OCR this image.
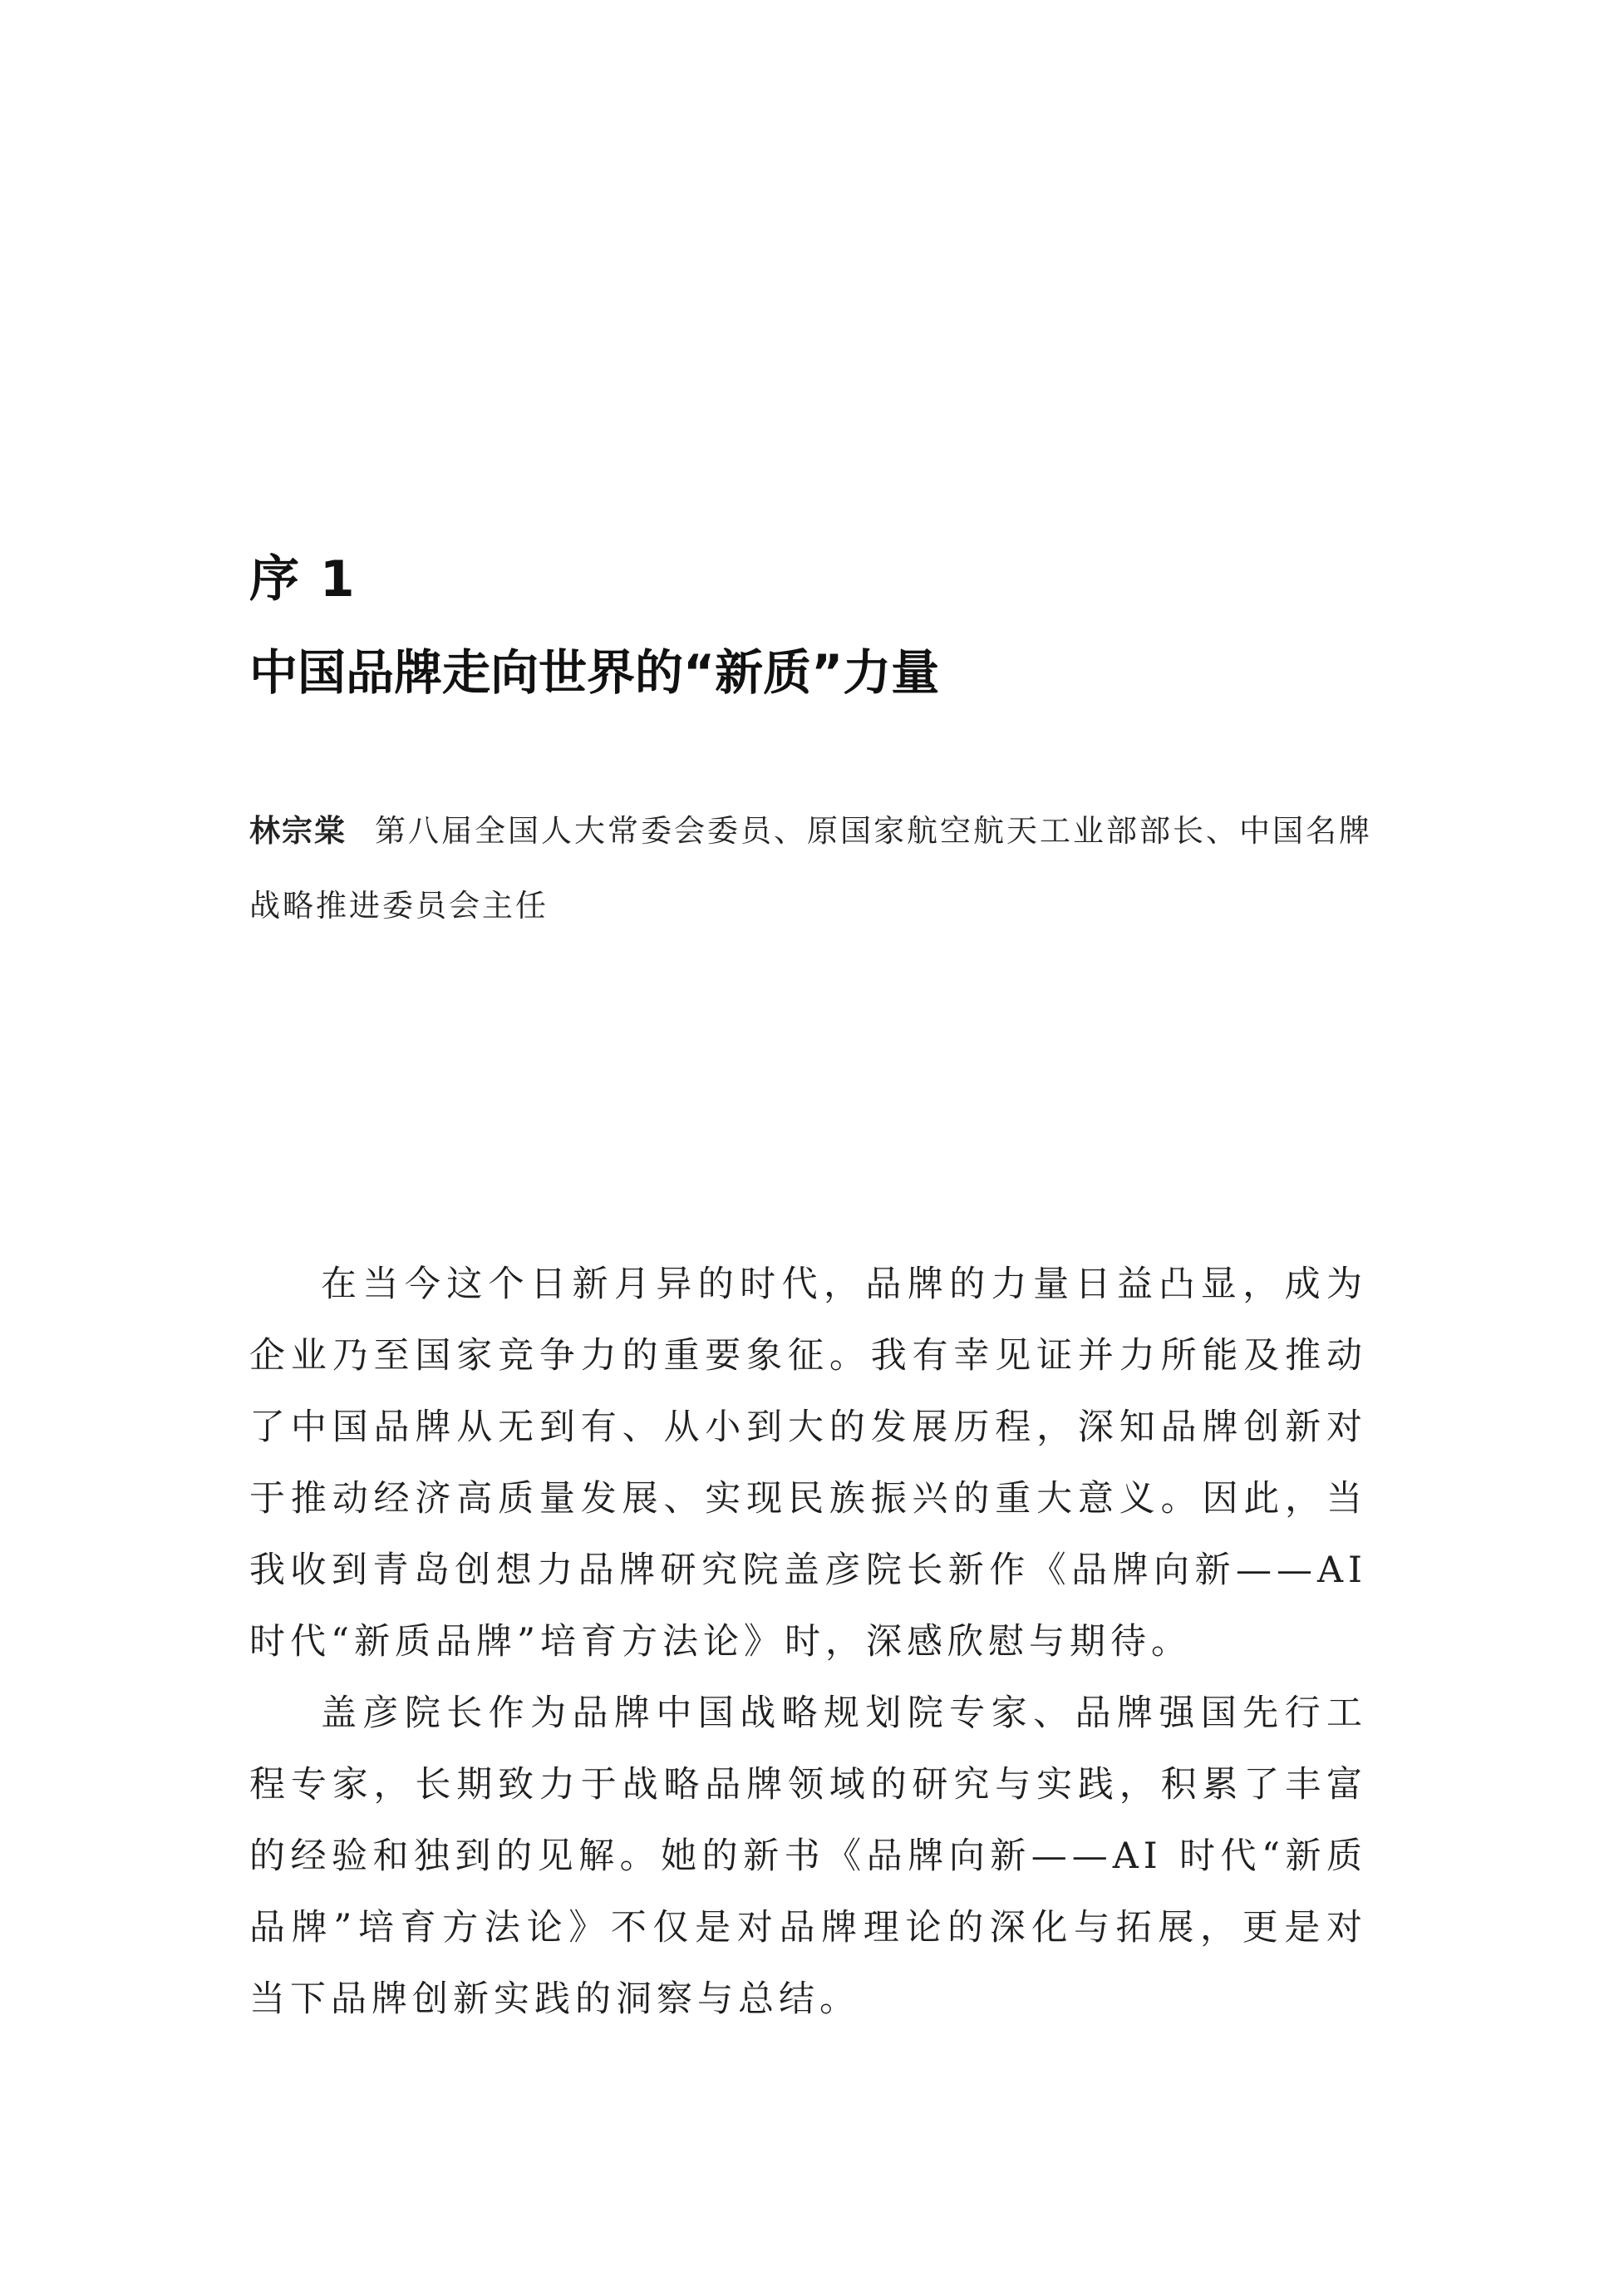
序 1
中国品牌走向世界的“新质”力量
林宗棠 第八届全国人大常委会委员、原国家航空航天工业部部长、中国名牌战略推进委员会主任

在当今这个日新月异的时代，品牌的力量日益凸显，成为企业乃至国家竞争力的重要象征。我有幸见证并力所能及推动了中国品牌从无到有、从小到大的发展历程，深知品牌创新对于推动经济高质量发展、实现民族振兴的重大意义。因此，当我收到青岛创想力品牌研究院盖彦院长新作《品牌向新——AI时代“新质品牌”培育方法论》时，深感欣慰与期待。

盖彦院长作为品牌中国战略规划院专家、品牌强国先行工程专家，长期致力于战略品牌领域的研究与实践，积累了丰富的经验和独到的见解。她的新书《品牌向新——AI 时代“新质品牌”培育方法论》不仅是对品牌理论的深化与拓展，更是对当下品牌创新实践的洞察与总结。
